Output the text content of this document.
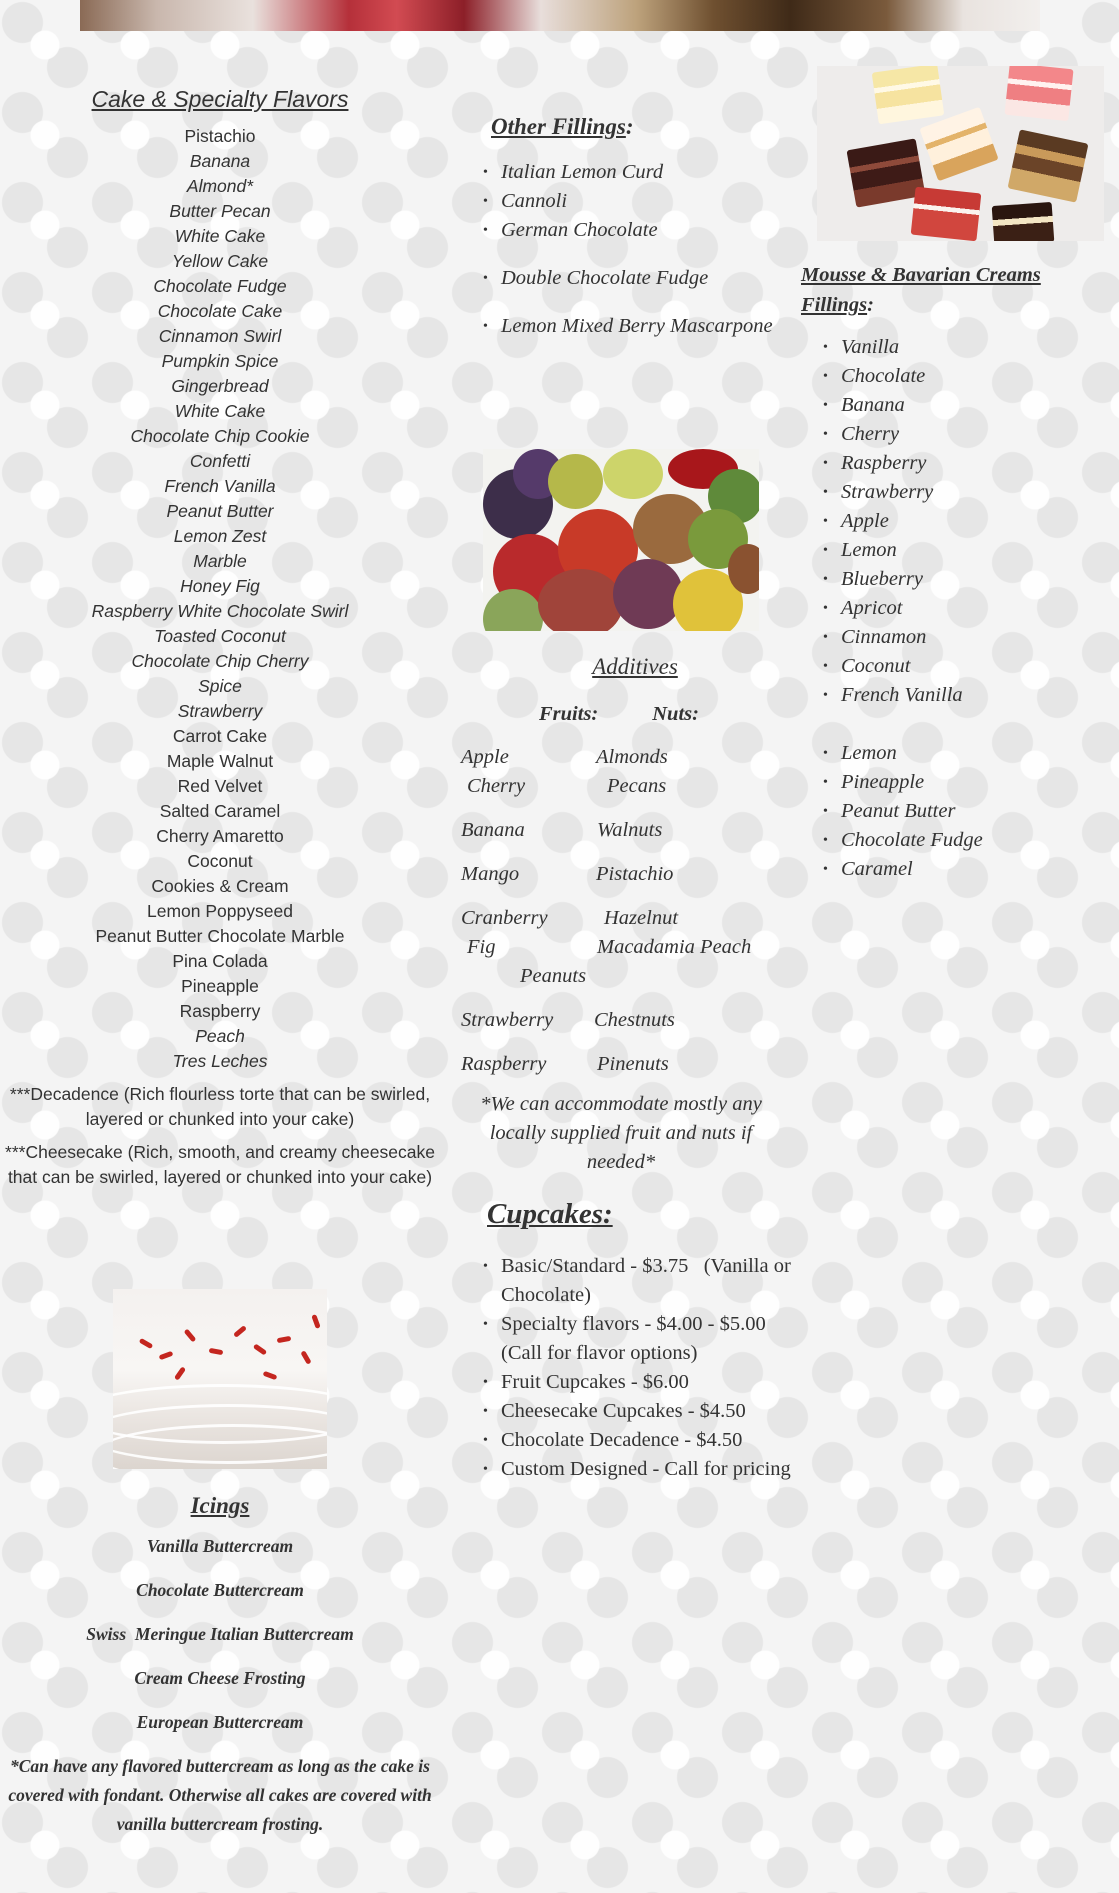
Cake & Specialty Flavors
Pistachio
Banana
Almond*
Butter Pecan
White Cake
Yellow Cake
Chocolate Fudge
Chocolate Cake
Cinnamon Swirl
Pumpkin Spice
Gingerbread
White Cake
Chocolate Chip Cookie
Confetti
French Vanilla
Peanut Butter
Lemon Zest
Marble
Honey Fig
Raspberry White Chocolate Swirl
Toasted Coconut
Chocolate Chip Cherry
Spice
Strawberry
Carrot Cake
Maple Walnut
Red Velvet
Salted Caramel
Cherry Amaretto
Coconut
Cookies & Cream
Lemon Poppyseed
Peanut Butter Chocolate Marble
Pina Colada
Pineapple
Raspberry
Peach
Tres Leches

***Decadence (Rich flourless torte that can be swirled, layered or chunked into your cake)

***Cheesecake (Rich, smooth, and creamy cheesecake that can be swirled, layered or chunked into your cake)

Icings
Vanilla Buttercream
Chocolate Buttercream
Swiss  Meringue Italian Buttercream
Cream Cheese Frosting
European Buttercream
*Can have any flavored buttercream as long as the cake is covered with fondant. Otherwise all cakes are covered with vanilla buttercream frosting.
Other Fillings:
• Italian Lemon Curd
• Cannoli
• German Chocolate
• Double Chocolate Fudge
• Lemon Mixed Berry Mascarpone
Additives
Fruits:	Nuts:
Apple	Almonds
Cherry	Pecans
Banana	Walnuts
Mango	Pistachio
Cranberry	Hazelnut
Fig	Macadamia Peach
Peanuts
Strawberry Chestnuts
Raspberry Pinenuts
*We can accommodate mostly any locally supplied fruit and nuts if needed*
Cupcakes:
• Basic/Standard - $3.75   (Vanilla or Chocolate)
• Specialty flavors - $4.00 - $5.00   (Call for flavor options)
• Fruit Cupcakes - $6.00
• Cheesecake Cupcakes - $4.50
• Chocolate Decadence - $4.50
• Custom Designed - Call for pricing
Mousse & Bavarian Creams Fillings:
• Vanilla
• Chocolate
• Banana
• Cherry
• Raspberry
• Strawberry
• Apple
• Lemon
• Blueberry
• Apricot
• Cinnamon
• Coconut
• French Vanilla
• Lemon
• Pineapple
• Peanut Butter
• Chocolate Fudge
• Caramel
